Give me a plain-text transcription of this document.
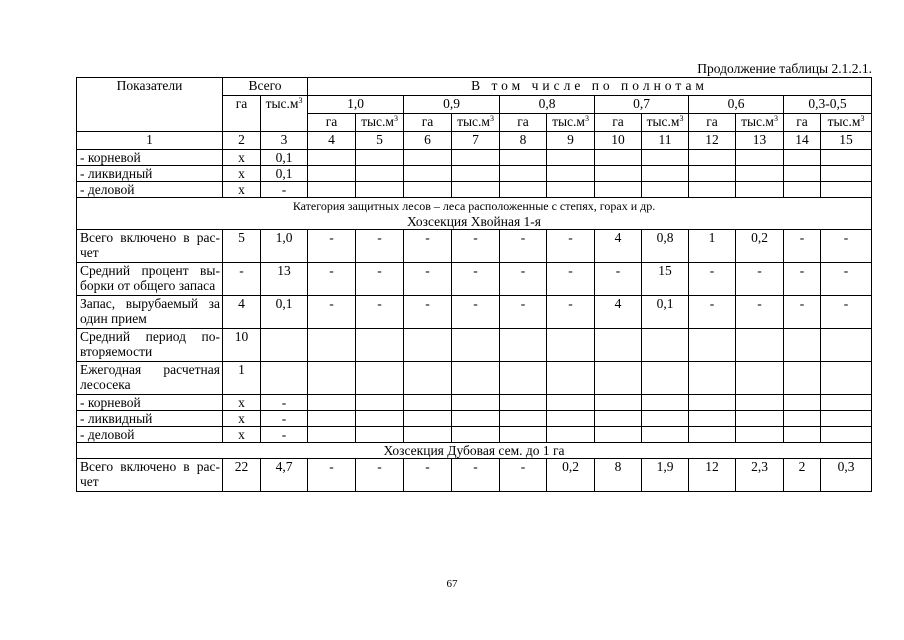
Продолжение таблицы 2.1.2.1.
Показатели	Всего		В том числе по полнотам											
	га	$тыс.м^3$	1,0		0,9		0,8		0,7		0,6		0,3-0,5	
			га	$тыс.м^3$	га	$тыс.м^3$	га	$тыс.м^3$	га	$тыс.м^3$	га	$тыс.м^3$	га	$тыс.м^3$
1	2	3	4	5	6	7	8	9	10	11	12	13	14	15
- корневой	х	0,1												
- ликвидный	х	0,1												
- деловой	х	-												
Категория защитных лесов – леса расположенные с степях, горах и др.
Хозсекция Хвойная 1-я														
Всего включено в рас-чет	5	1,0	-	-	-	-	-	-	4	0,8	1	0,2	-	-
Средний процент вы-борки от общего запаса	-	13	-	-	-	-	-	-	-	15	-	-	-	-
Запас, вырубаемый за один прием	4	0,1	-	-	-	-	-	-	4	0,1	-	-	-	-
Средний период по-вторяемости	10													
Ежегодная расчетная лесосека	1													
- корневой	х	-												
- ликвидный	х	-												
- деловой	х	-												
Хозсекция Дубовая сем. до 1 га														
Всего включено в рас-чет	22	4,7	-	-	-	-	-	0,2	8	1,9	12	2,3	2	0,3
67
